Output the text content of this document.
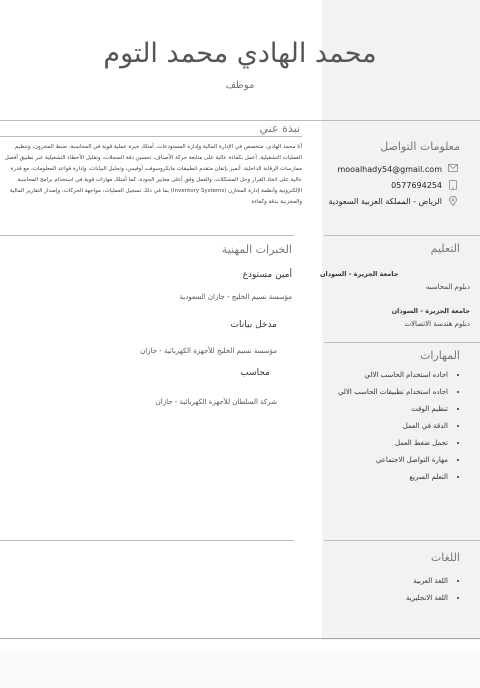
محمد الهادي محمد التوم
موظف
نبذة عني
أنا محمد الهادي، متخصص في الإدارة المالية وإدارة المستودعات. أمتلك خبرة عملية قوية في المحاسبة، ضبط المخزون، وتنظيم العمليات التشغيلية. أعمل بكفاءة عالية على متابعة حركة الأصناف، تحسين دقة السجلات، وتقليل الأخطاء التشغيلية عبر تطبيق أفضل ممارسات الرقابة الداخلية. أتميز بإتقان متقدم لتطبيقات مايكروسوفت أوفيس، وتحليل البيانات، وإدارة قواعد المعلومات، مع قدرة عالية على اتخاذ القرار وحل المشكلات، والعمل وفق أعلى معايير الجودة. كما أمتلك مهارات قوية في استخدام برامج المحاسبة الإلكترونية وأنظمة إدارة المخازن (Inventory Systems) بما في ذلك تسجيل العمليات، مواجهة الحركات، وإصدار التقارير المالية والمخزنية بدقة وكفاءة
معلومات التواصل
mooalhady54@gmail.com
0577694254
الرياض - المملكة العربية السعودية
الخبرات المهنية
أمين مستودع
مؤسسة نسيم الخليج - جازان السعودية
مدخل بيانات
مؤسسة نسيم الخليج للأجهزة الكهربائية - جازان
محاسب
شركة السلطان للأجهزة الكهربائية - جازان
التعليم
جامعة الجزيرة - السودان
دبلوم المحاسبه
جامعة الجزيرة - السودان
دبلوم هندسة الاتصالات
المهارات
• اجاده استخدام الحاسب الالي
• اجاده استخدام تطبيقات الحاسب الالي
• تنظيم الوقت
• الدقة في العمل
• تحمل ضغط العمل
• مهارة التواصل الاجتماعي
• التعلم السريع
اللغات
• اللغة العربية
• اللغة الانجليزية
